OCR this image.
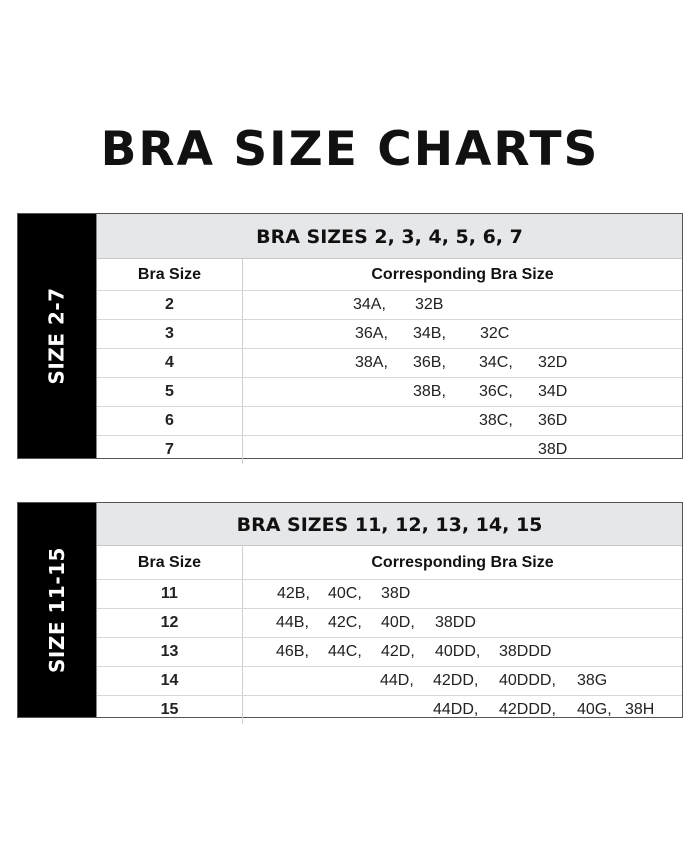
BRA SIZE CHARTS
SIZE 2-7
BRA SIZES 2, 3, 4, 5, 6, 7
Bra Size	Corresponding Bra Size
2	34A, 32B
3	36A, 34B, 32C
4	38A, 36B, 34C, 32D
5	38B, 36C, 34D
6	38C, 36D
7	38D
SIZE 11-15
BRA SIZES 11, 12, 13, 14, 15
Bra Size	Corresponding Bra Size
11	42B, 40C, 38D
12	44B, 42C, 40D, 38DD
13	46B, 44C, 42D, 40DD, 38DDD
14	44D, 42DD, 40DDD, 38G
15	44DD, 42DDD, 40G, 38H
